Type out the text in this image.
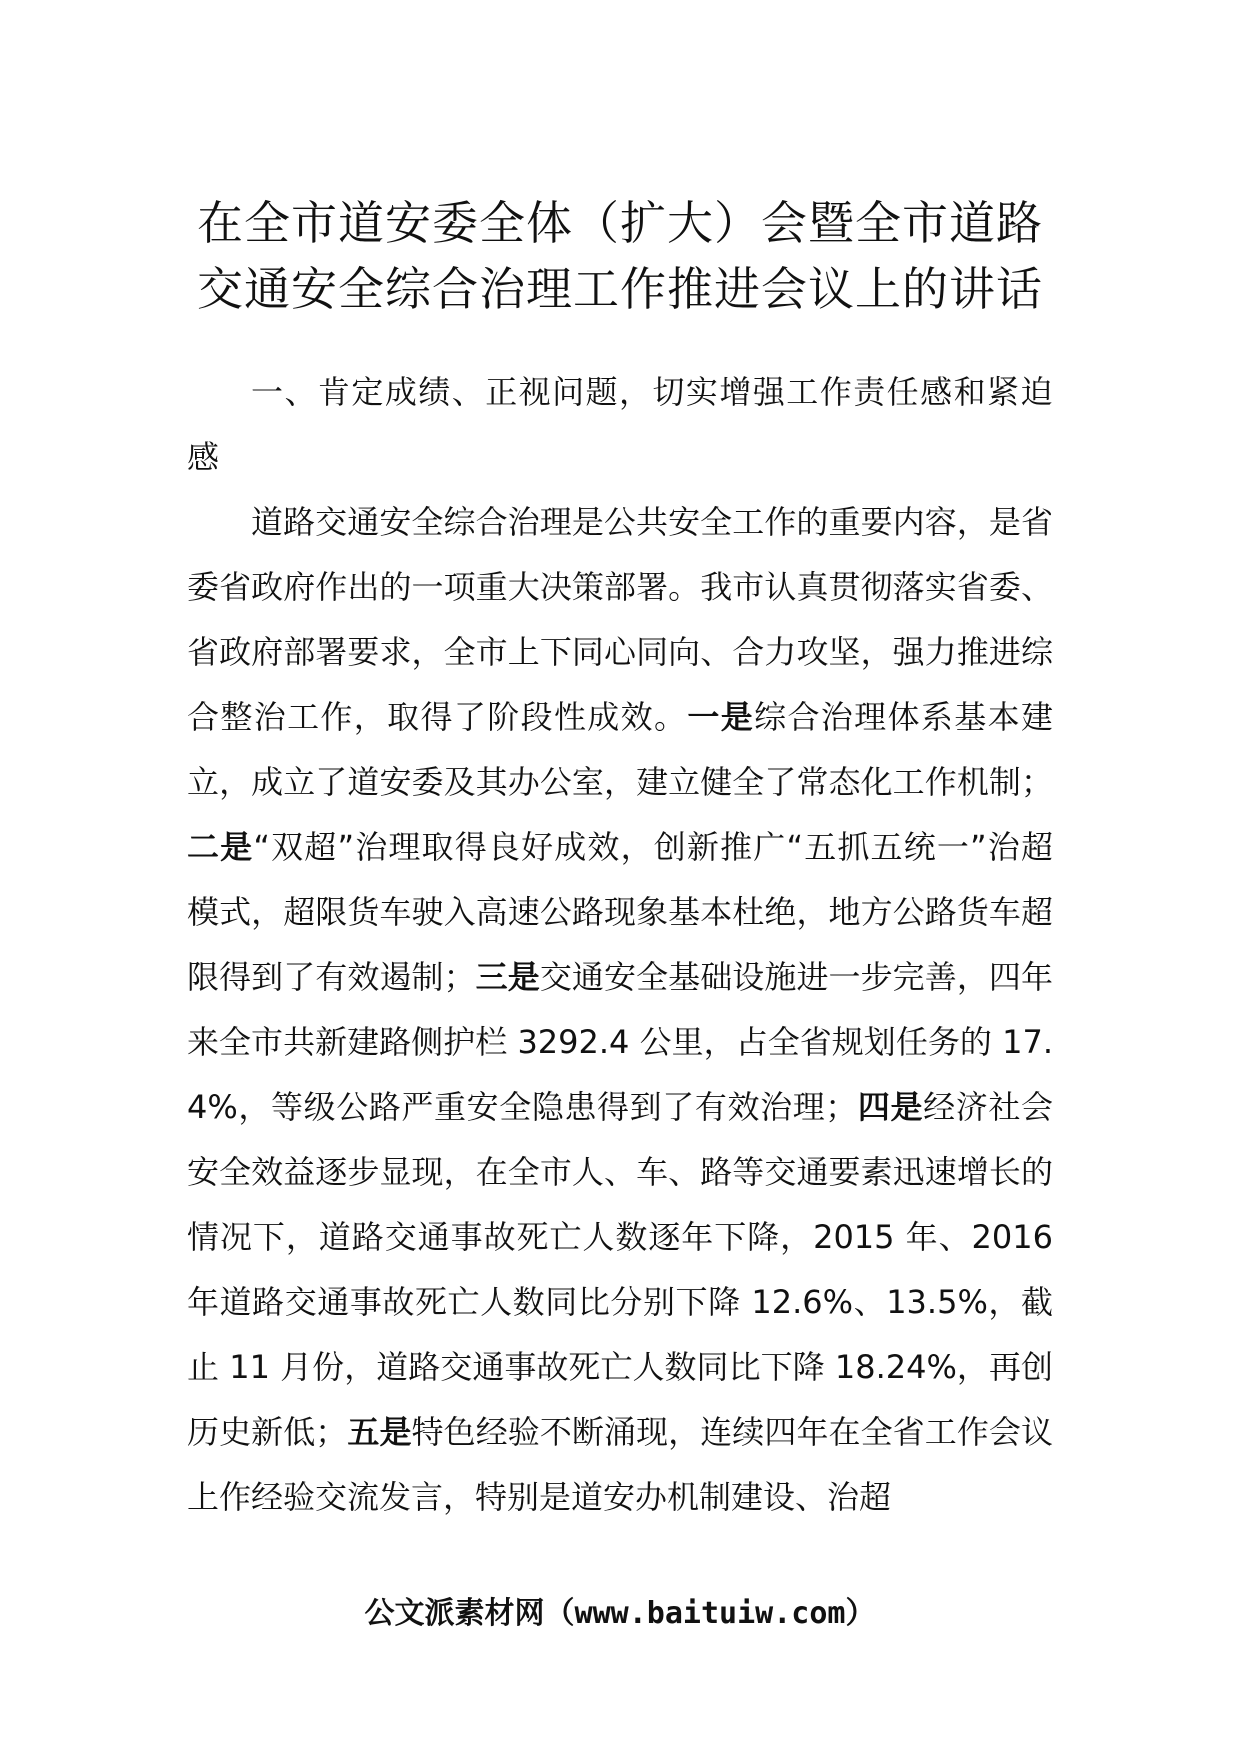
在全市道安委全体（扩大）会暨全市道路
交通安全综合治理工作推进会议上的讲话

一、肯定成绩、正视问题，切实增强工作责任感和紧迫感

道路交通安全综合治理是公共安全工作的重要内容，是省委省政府作出的一项重大决策部署。我市认真贯彻落实省委、省政府部署要求，全市上下同心同向、合力攻坚，强力推进综合整治工作，取得了阶段性成效。一是综合治理体系基本建立，成立了道安委及其办公室，建立健全了常态化工作机制；二是“双超”治理取得良好成效，创新推广“五抓五统一”治超模式，超限货车驶入高速公路现象基本杜绝，地方公路货车超限得到了有效遏制；三是交通安全基础设施进一步完善，四年来全市共新建路侧护栏 3292.4 公里，占全省规划任务的 17.4%，等级公路严重安全隐患得到了有效治理；四是经济社会安全效益逐步显现，在全市人、车、路等交通要素迅速增长的情况下，道路交通事故死亡人数逐年下降，2015 年、2016 年道路交通事故死亡人数同比分别下降 12.6%、13.5%，截止 11 月份，道路交通事故死亡人数同比下降 18.24%，再创历史新低；五是特色经验不断涌现，连续四年在全省工作会议上作经验交流发言，特别是道安办机制建设、治超

公文派素材网（www.baituiw.com）
